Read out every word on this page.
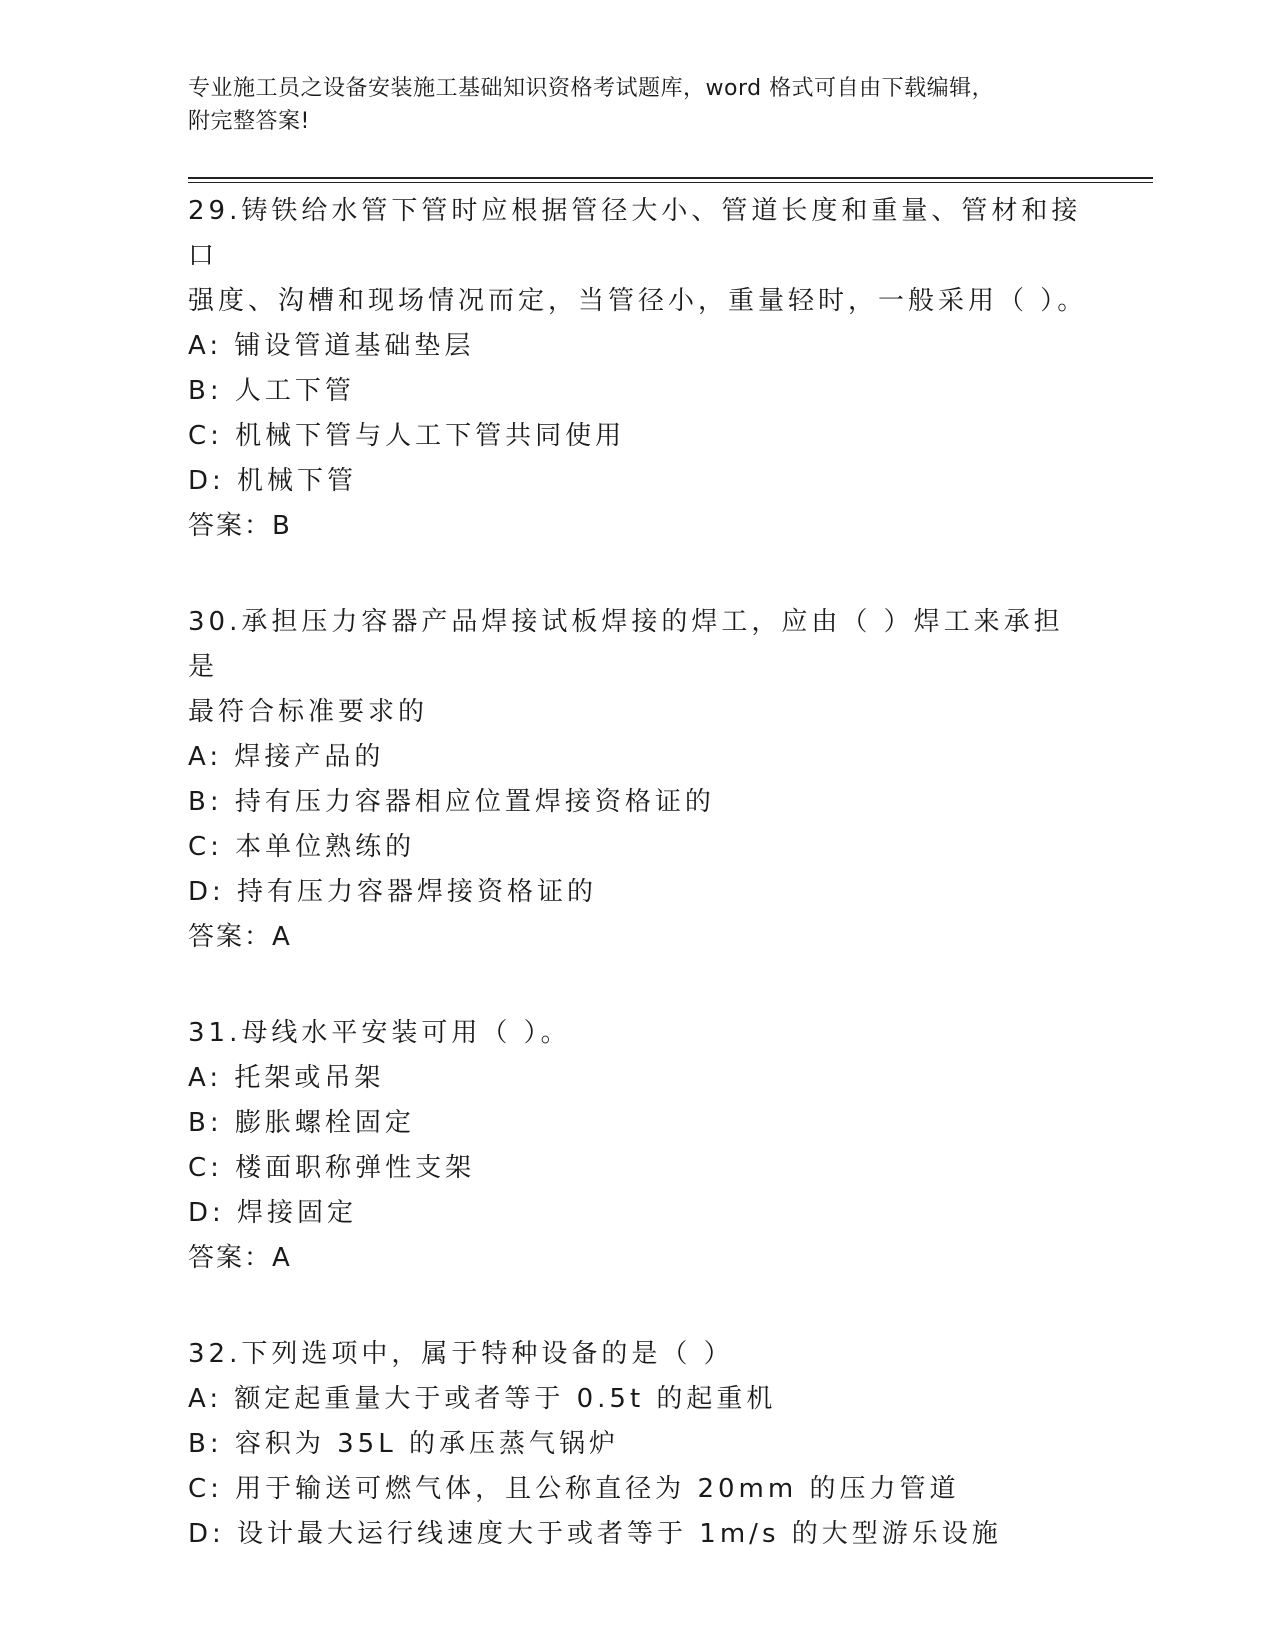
专业施工员之设备安装施工基础知识资格考试题库，word 格式可自由下载编辑，
附完整答案!
29.铸铁给水管下管时应根据管径大小、管道长度和重量、管材和接口
强度、沟槽和现场情况而定，当管径小，重量轻时，一般采用（ ）。
A: 铺设管道基础垫层
B: 人工下管
C: 机械下管与人工下管共同使用
D: 机械下管
答案：B
30.承担压力容器产品焊接试板焊接的焊工，应由（ ）焊工来承担是
最符合标准要求的
A: 焊接产品的
B: 持有压力容器相应位置焊接资格证的
C: 本单位熟练的
D: 持有压力容器焊接资格证的
答案：A
31.母线水平安装可用（ ）。
A: 托架或吊架
B: 膨胀螺栓固定
C: 楼面职称弹性支架
D: 焊接固定
答案：A
32.下列选项中，属于特种设备的是（ ）
A: 额定起重量大于或者等于 0.5t 的起重机
B: 容积为 35L 的承压蒸气锅炉
C: 用于输送可燃气体，且公称直径为 20mm 的压力管道
D: 设计最大运行线速度大于或者等于 1m/s 的大型游乐设施
